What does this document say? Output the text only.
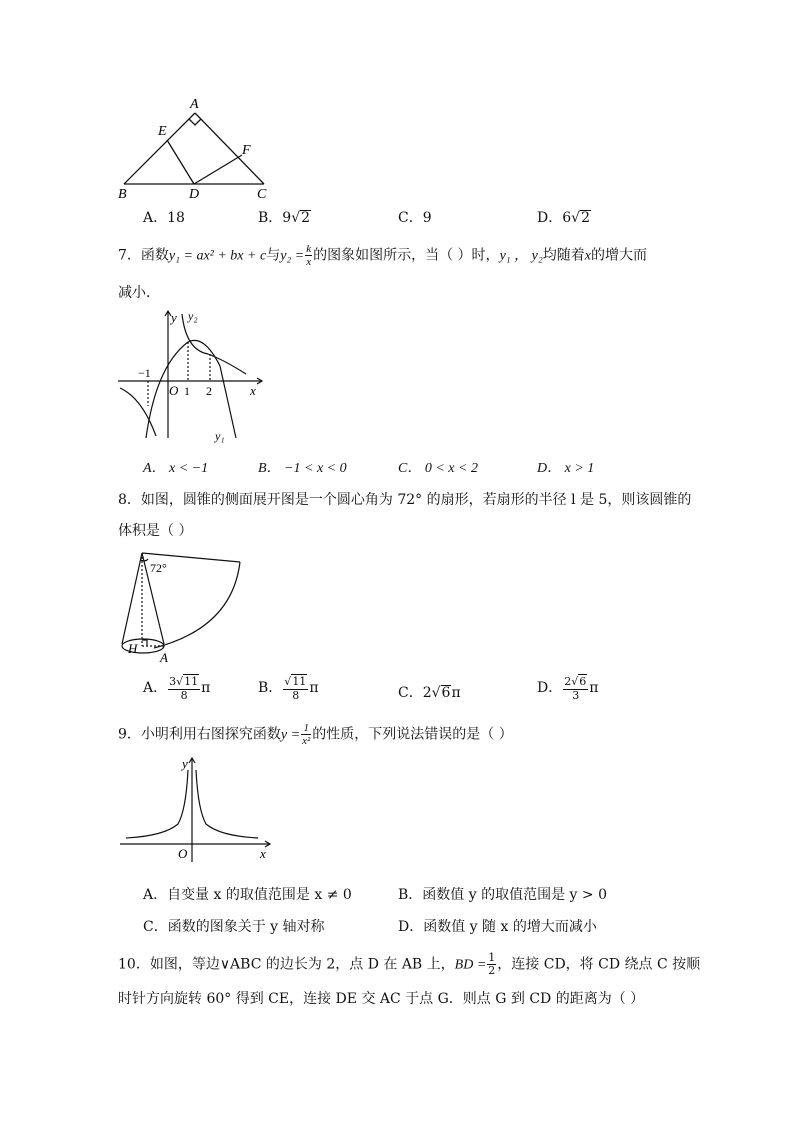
A
E
F
B	D	C
A．18	B．9√2	C．9	D．6√2
7．函数y₁ = ax² + bx + c与$y_2 = \frac{k}{x}$ 的图象如图所示，当（ ）时，y₁ ， y₂均随着x的增大而
减小．
y y₂
y₁
−1
O 1 2	x
A． x < −1	B． −1 < x < 0	C． 0 < x < 2	D． x > 1
8．如图，圆锥的侧面展开图是一个圆心角为 72° 的扇形，若扇形的半径 l 是 5，则该圆锥的
体积是（ ）
72°
H
A
A． $\frac{3√11}{8}$ π	B． $\frac{√11}{8}$ π	C．2√6π	D． $\frac{2√6}{3}$ π
9．小明利用右图探究函数$y = \frac{1}{\text{x²}}$ 的性质，下列说法错误的是（ ）
y
O	x
A．自变量 x 的取值范围是 x ≠ 0	B．函数值 y 的取值范围是 y > 0
C．函数的图象关于 y 轴对称	D．函数值 y 随 x 的增大而减小
10．如图，等边∨ABC 的边长为 2，点 D 在 AB 上，BD = $\frac{1}{2}$ ，连接 CD，将 CD 绕点 C 按顺
时针方向旋转 60° 得到 CE，连接 DE 交 AC 于点 G．则点 G 到 CD 的距离为（ ）
